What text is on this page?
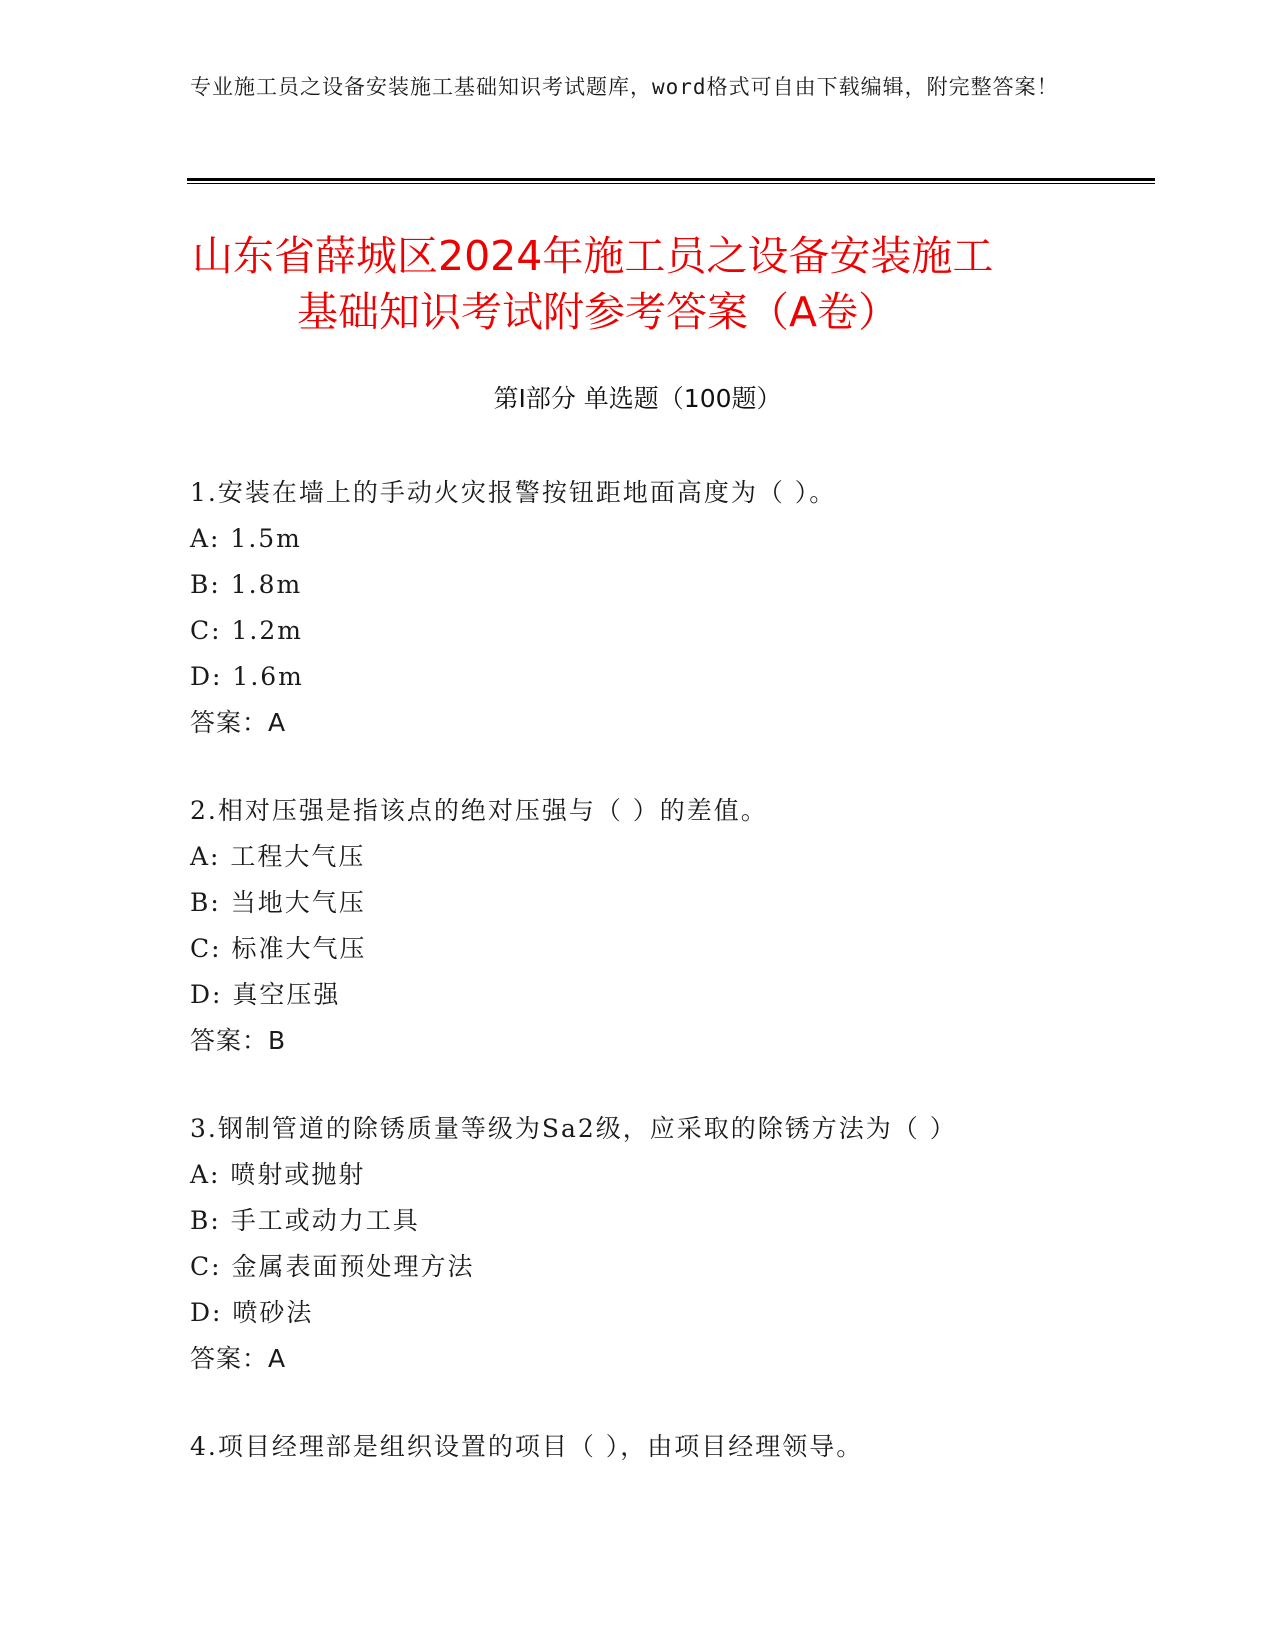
专业施工员之设备安装施工基础知识考试题库，word格式可自由下载编辑，附完整答案！
山东省薛城区2024年施工员之设备安装施工
基础知识考试附参考答案（A卷）
第Ⅰ部分 单选题（100题）
1.安装在墙上的手动火灾报警按钮距地面高度为（ ）。
A: 1.5m
B: 1.8m
C: 1.2m
D: 1.6m
答案：A
2.相对压强是指该点的绝对压强与（ ）的差值。
A: 工程大气压
B: 当地大气压
C: 标准大气压
D: 真空压强
答案：B
3.钢制管道的除锈质量等级为Sa2级，应采取的除锈方法为（ ）
A: 喷射或抛射
B: 手工或动力工具
C: 金属表面预处理方法
D: 喷砂法
答案：A
4.项目经理部是组织设置的项目（ ），由项目经理领导。
